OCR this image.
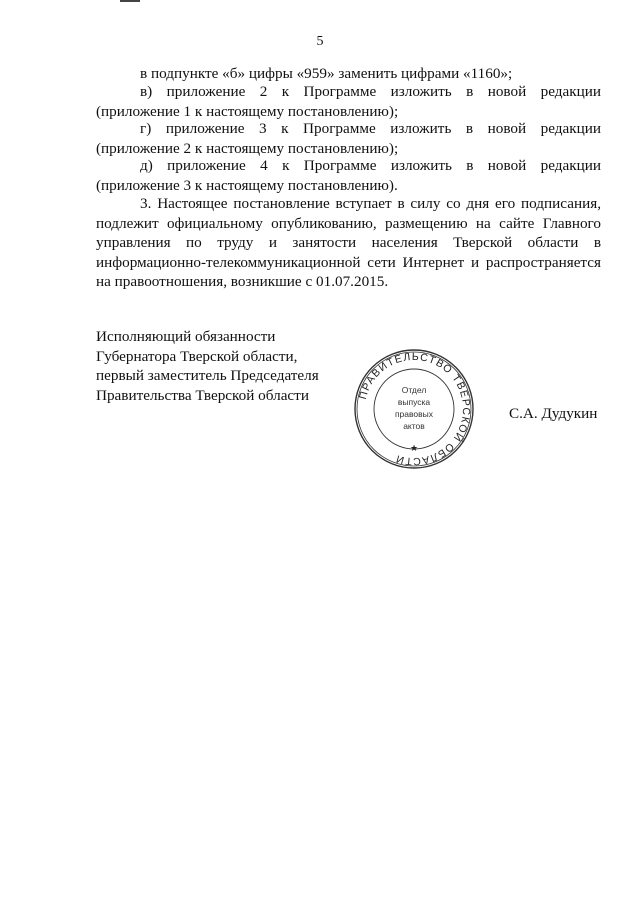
5
в подпункте «б» цифры «959» заменить цифрами «1160»;
в) приложение 2 к Программе изложить в новой редакции (приложение 1 к настоящему постановлению);
г) приложение 3 к Программе изложить в новой редакции (приложение 2 к настоящему постановлению);
д) приложение 4 к Программе изложить в новой редакции (приложение 3 к настоящему постановлению).
3. Настоящее постановление вступает в силу со дня его подписания, подлежит официальному опубликованию, размещению на сайте Главного управления по труду и занятости населения Тверской области в информационно-телекоммуникационной сети Интернет и распространяется на правоотношения, возникшие с 01.07.2015.
Исполняющий обязанности
Губернатора Тверской области,
первый заместитель Председателя
Правительства Тверской области	ПРАВИТЕЛЬСТВО ТВЕРСКОЙ ОБЛАСТИ
★
Отдел
выпуска
правовых
актов
С.А. Дудукин
